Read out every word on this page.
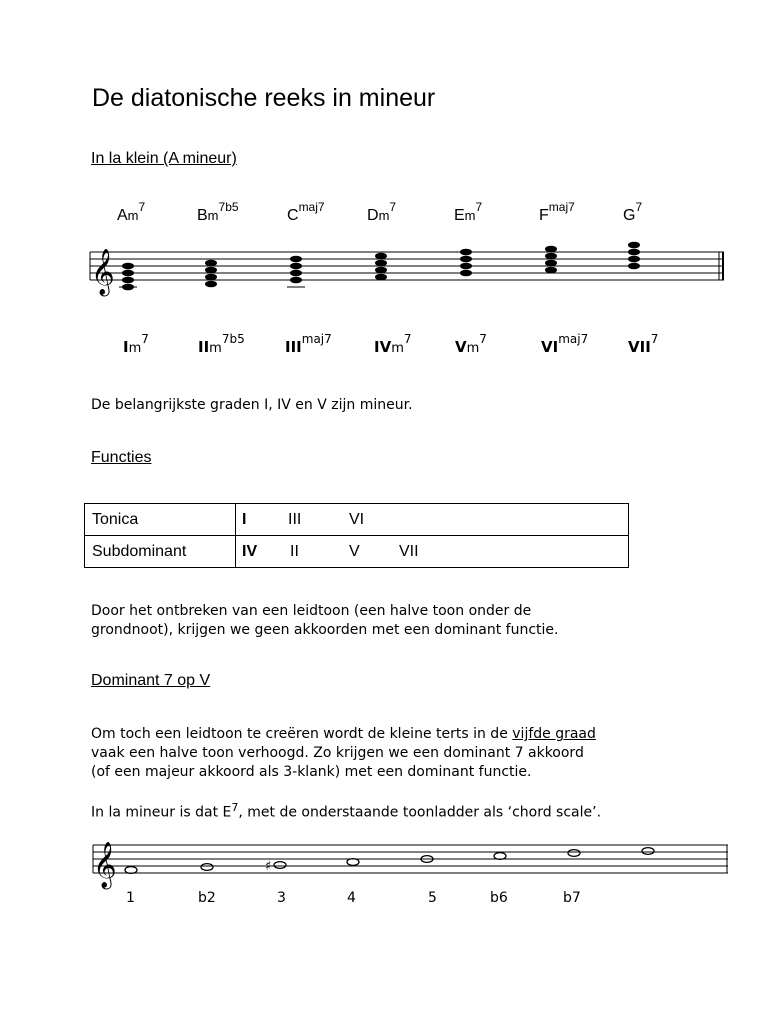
De diatonische reeks in mineur
In la klein (A mineur)
Am$^7$
$Bm^{7b5}$
$C^{maj7}$
Dm$^7$
Em$^7$
$F^{maj7}$
$G^7$
𝄞
Im$^7$	IIm$^{7b5}$	$III^{maj7}$	IVm$^7$	Vm$^7$	$VI^{maj7}$	VII$^7$
De belangrijkste graden I, IV en V zijn mineur.
Functies
Tonica	I III VI
Subdominant	IV II V VII
Door het ontbreken van een leidtoon (een halve toon onder de
grondnoot), krijgen we geen akkoorden met een dominant functie.
Dominant 7 op V
Om toch een leidtoon te creëren wordt de kleine terts in de vijfde graad
vaak een halve toon verhoogd. Zo krijgen we een dominant 7 akkoord
(of een majeur akkoord als 3-klank) met een dominant functie.
In la mineur is dat $E^7$, met de onderstaande toonladder als ‘chord scale’.
𝄞	♯
1	b2	3	4	5	b6	b7
